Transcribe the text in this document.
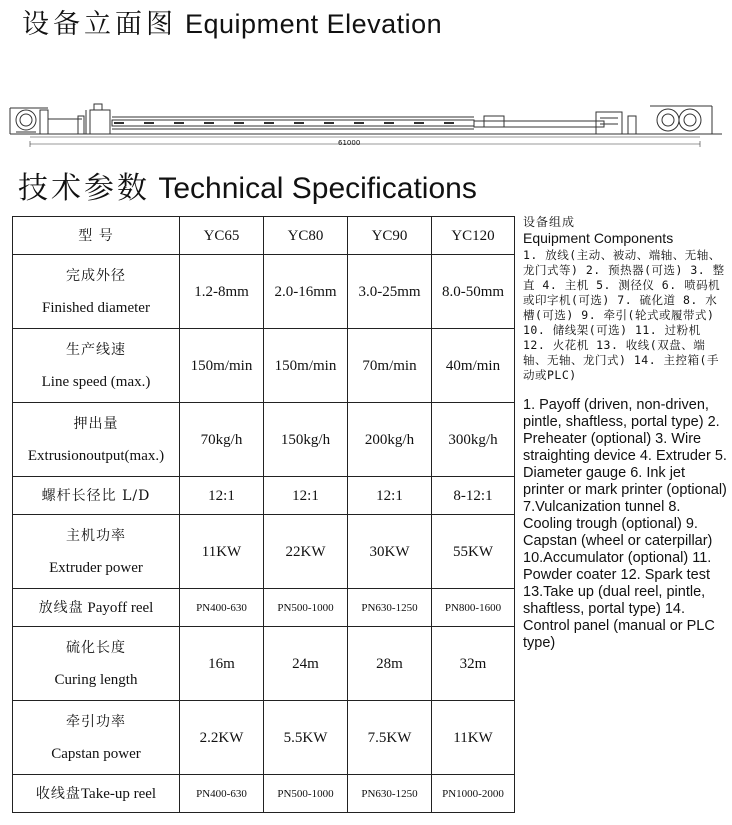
设备立面图 Equipment Elevation
61000
技术参数 Technical Specifications
型 号	YC65	YC80	YC90	YC120

完成外径
Finished diameter	1.2-8mm	2.0-16mm	3.0-25mm	8.0-50mm

生产线速
Line speed (max.)	150m/min	150m/min	70m/min	40m/min

押出量
Extrusionoutput(max.)	70kg/h	150kg/h	200kg/h	300kg/h
螺杆长径比 L/D	12:1	12:1	12:1	8-12:1

主机功率
Extruder power	11KW	22KW	30KW	55KW
放线盘 Payoff reel	PN400-630	PN500-1000	PN630-1250	PN800-1600

硫化长度
Curing length	16m	24m	28m	32m

牵引功率
Capstan power	2.2KW	5.5KW	7.5KW	11KW
收线盘Take-up reel	PN400-630	PN500-1000	PN630-1250	PN1000-2000
设备组成
Equipment Components
1. 放线(主动、被动、端轴、无轴、龙门式等) 2. 预热器(可选) 3. 整直 4. 主机 5. 测径仪 6. 喷码机或印字机(可选) 7. 硫化道 8. 水槽(可选) 9. 牵引(轮式或履带式) 10. 储线架(可选) 11. 过粉机 12. 火花机 13. 收线(双盘、端轴、无轴、龙门式) 14. 主控箱(手动或PLC)
1. Payoff (driven, non-driven, pintle, shaftless, portal type) 2. Preheater (optional) 3. Wire straighting device 4. Extruder 5. Diameter gauge 6. Ink jet printer or mark printer (optional) 7.Vulcanization tunnel 8. Cooling trough (optional) 9. Capstan (wheel or caterpillar) 10.Accumulator (optional) 11. Powder coater 12. Spark test 13.Take up (dual reel, pintle, shaftless, portal type) 14. Control panel (manual or PLC type)
